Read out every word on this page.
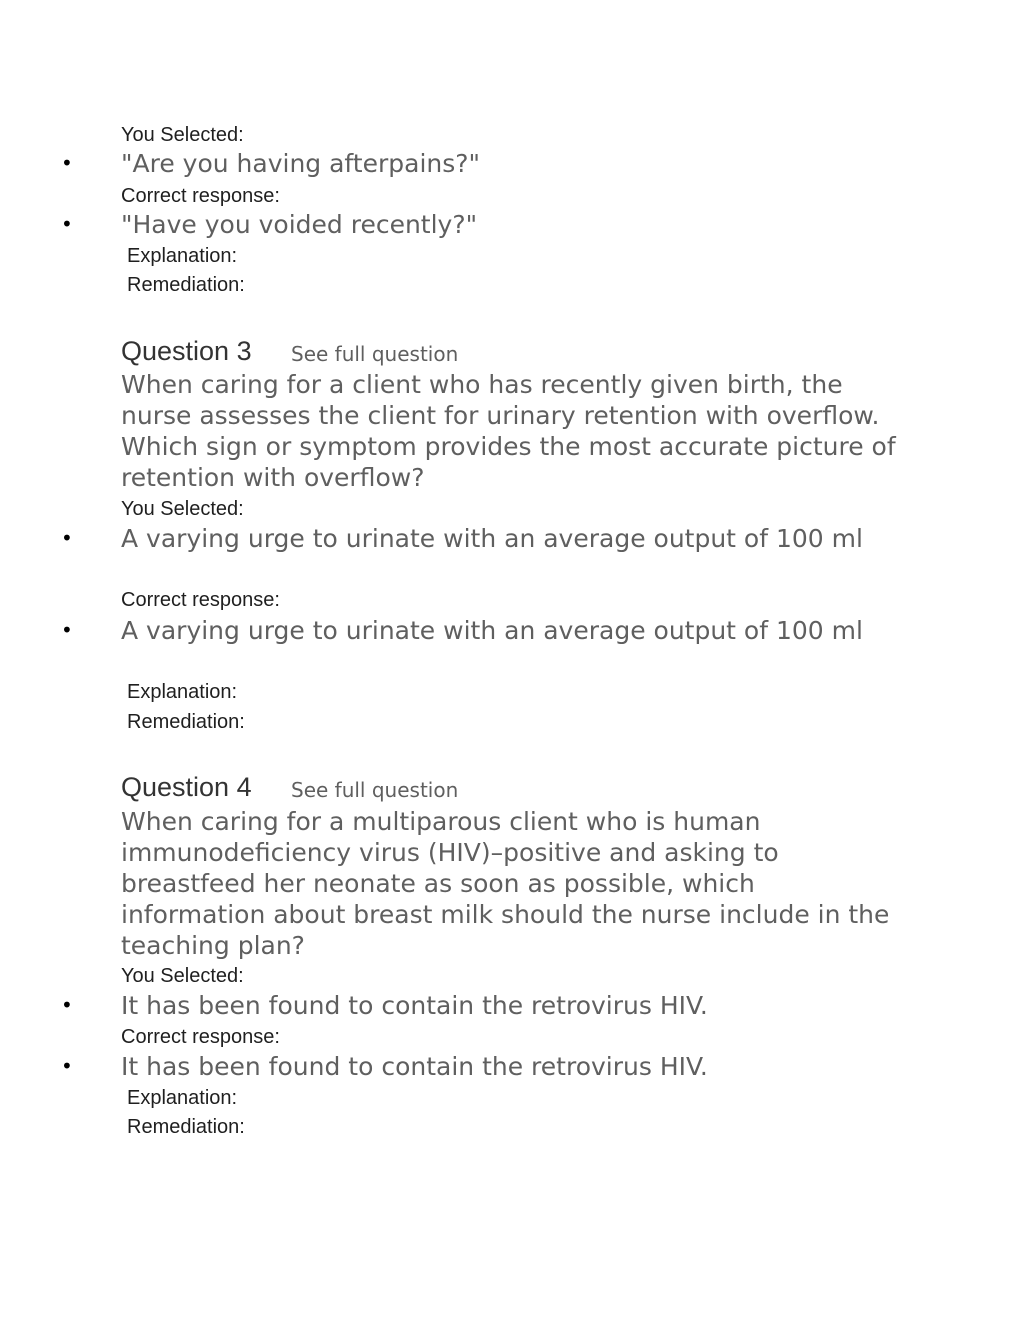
You Selected:
• "Are you having afterpains?"

Correct response:
• "Have you voided recently?"

Explanation:
Remediation:
Question 3 See full question

When caring for a client who has recently given birth, the nurse assesses the client for urinary retention with overflow. Which sign or symptom provides the most accurate picture of retention with overflow?

You Selected:
• A varying urge to urinate with an average output of 100 ml

Correct response:
• A varying urge to urinate with an average output of 100 ml

Explanation:
Remediation:
Question 4 See full question

When caring for a multiparous client who is human immunodeficiency virus (HIV)–positive and asking to breastfeed her neonate as soon as possible, which information about breast milk should the nurse include in the teaching plan?

You Selected:
• It has been found to contain the retrovirus HIV.

Correct response:
• It has been found to contain the retrovirus HIV.

Explanation:
Remediation:
